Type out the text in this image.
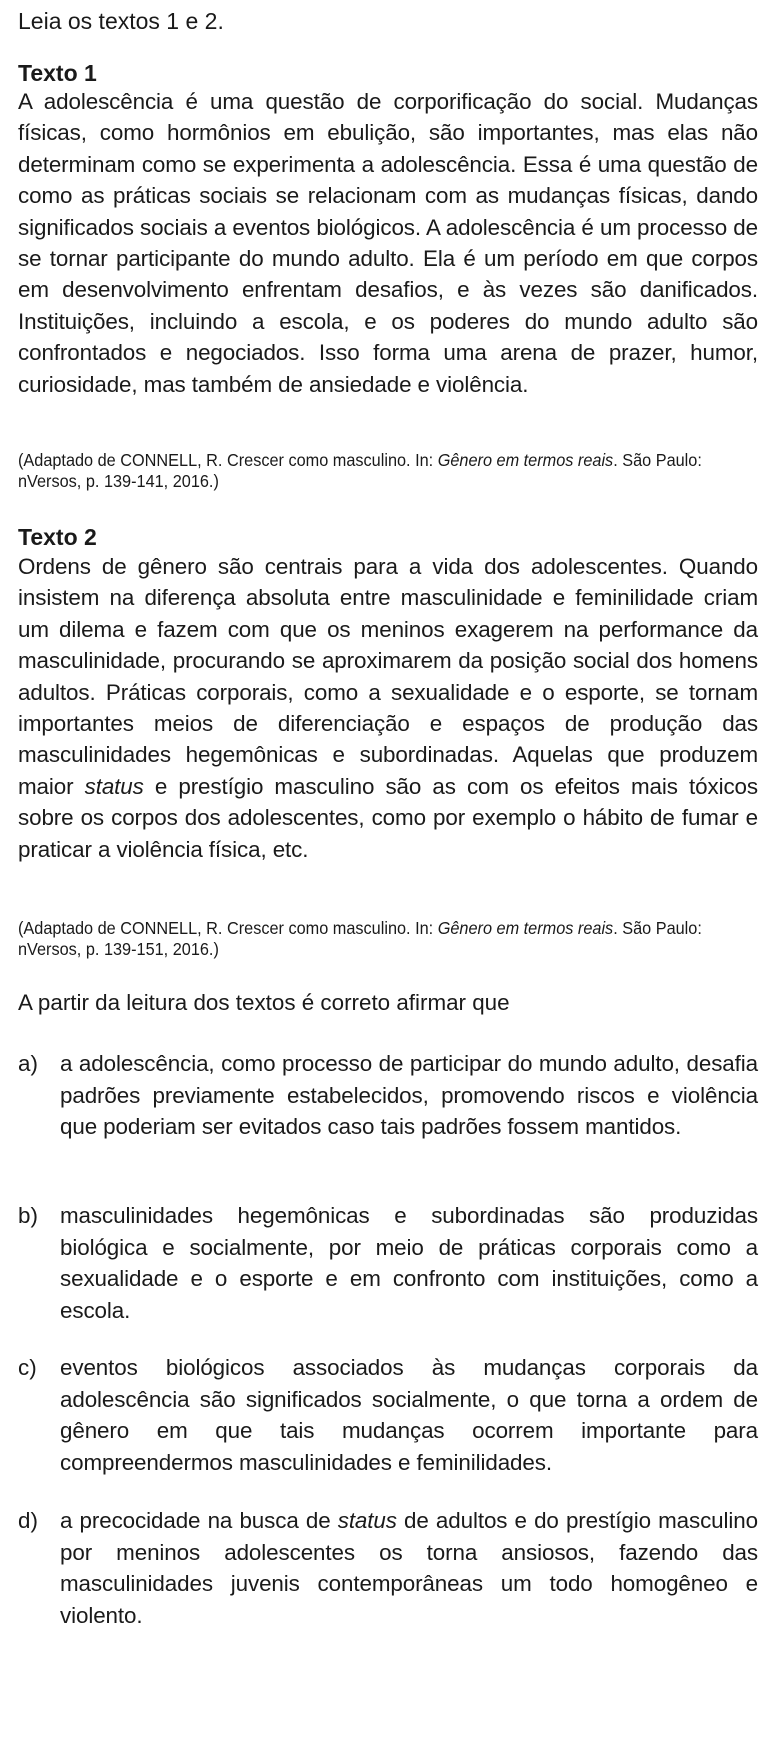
Leia os textos 1 e 2.
Texto 1
A adolescência é uma questão de corporificação do social. Mudanças físicas, como hormônios em ebulição, são importantes, mas elas não determinam como se experimenta a adolescência. Essa é uma questão de como as práticas sociais se relacionam com as mudanças físicas, dando significados sociais a eventos biológicos. A adolescência é um processo de se tornar participante do mundo adulto. Ela é um período em que corpos em desenvolvimento enfrentam desafios, e às vezes são danificados. Instituições, incluindo a escola, e os poderes do mundo adulto são confrontados e negociados. Isso forma uma arena de prazer, humor, curiosidade, mas também de ansiedade e violência.
(Adaptado de CONNELL, R. Crescer como masculino. In: Gênero em termos reais. São Paulo: nVersos, p. 139-141, 2016.)
Texto 2
Ordens de gênero são centrais para a vida dos adolescentes. Quando insistem na diferença absoluta entre masculinidade e feminilidade criam um dilema e fazem com que os meninos exagerem na performance da masculinidade, procurando se aproximarem da posição social dos homens adultos. Práticas corporais, como a sexualidade e o esporte, se tornam importantes meios de diferenciação e espaços de produção das masculinidades hegemônicas e subordinadas. Aquelas que produzem maior status e prestígio masculino são as com os efeitos mais tóxicos sobre os corpos dos adolescentes, como por exemplo o hábito de fumar e praticar a violência física, etc.
(Adaptado de CONNELL, R. Crescer como masculino. In: Gênero em termos reais. São Paulo: nVersos, p. 139-151, 2016.)
A partir da leitura dos textos é correto afirmar que
a) a adolescência, como processo de participar do mundo adulto, desafia padrões previamente estabelecidos, promovendo riscos e violência que poderiam ser evitados caso tais padrões fossem mantidos.
b) masculinidades hegemônicas e subordinadas são produzidas biológica e socialmente, por meio de práticas corporais como a sexualidade e o esporte e em confronto com instituições, como a escola.
c) eventos biológicos associados às mudanças corporais da adolescência são significados socialmente, o que torna a ordem de gênero em que tais mudanças ocorrem importante para compreendermos masculinidades e feminilidades.
d) a precocidade na busca de status de adultos e do prestígio masculino por meninos adolescentes os torna ansiosos, fazendo das masculinidades juvenis contemporâneas um todo homogêneo e violento.
